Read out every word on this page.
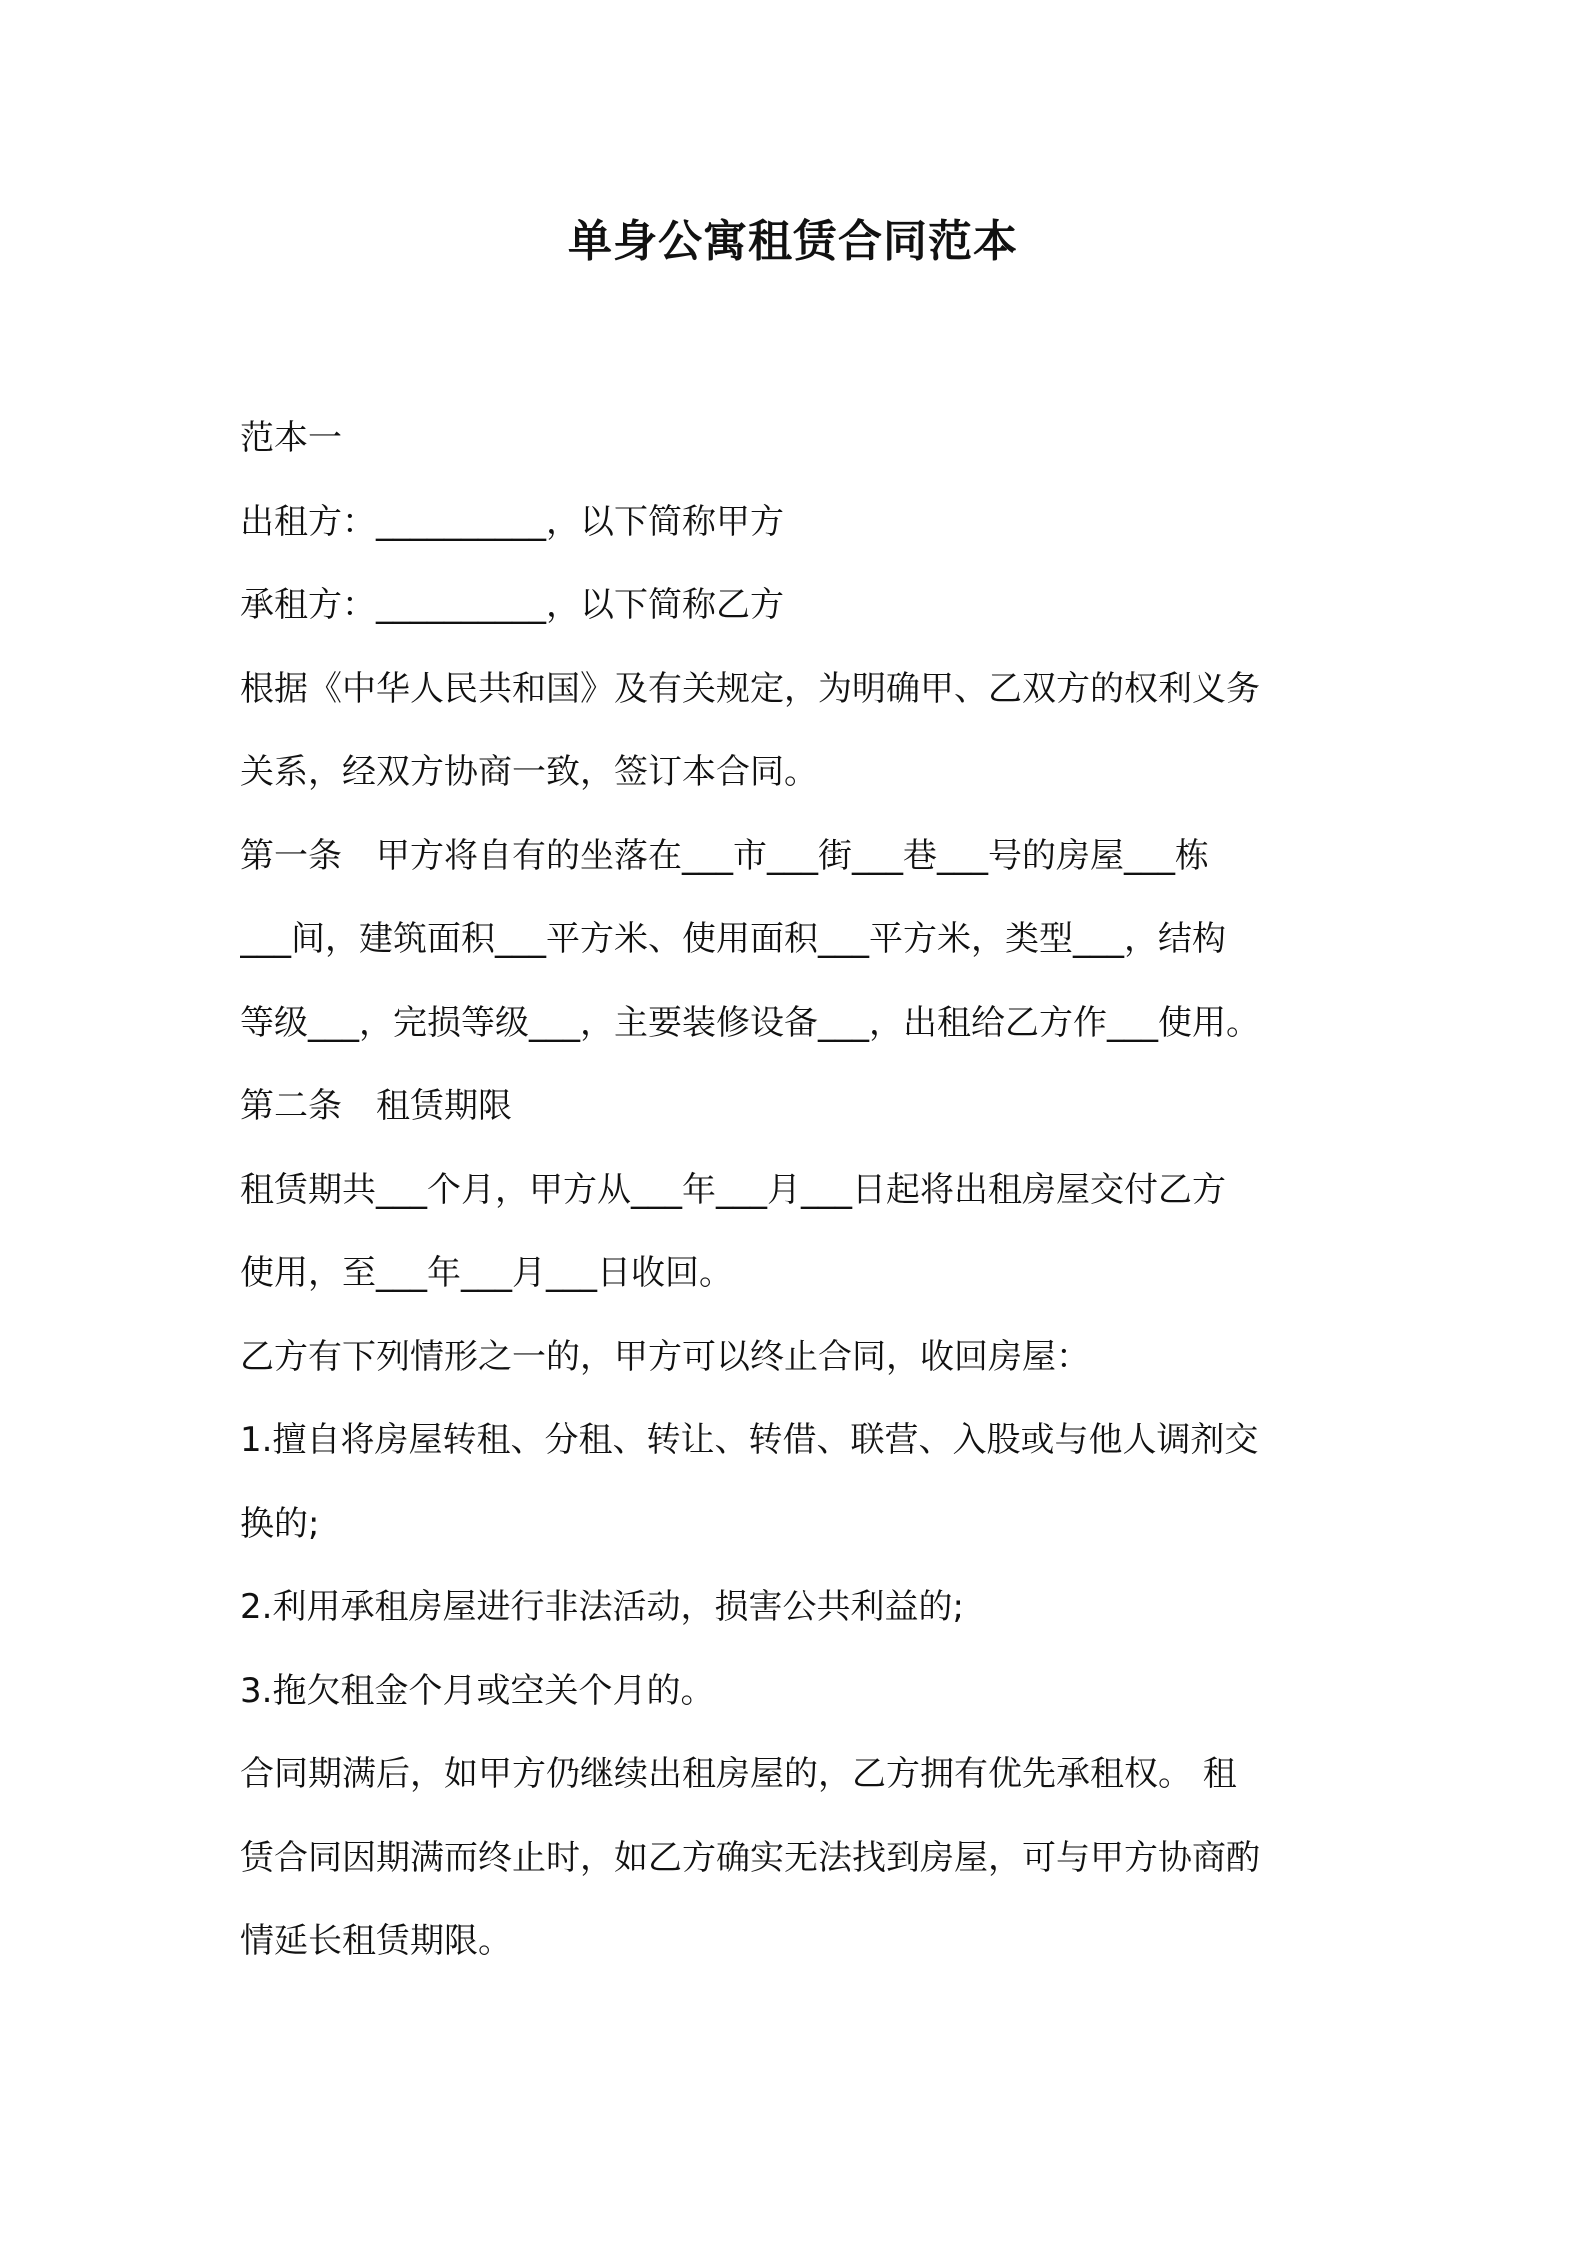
单身公寓租赁合同范本
范本一
出租方：__________，以下简称甲方
承租方：__________，以下简称乙方
根据《中华人民共和国》及有关规定，为明确甲、乙双方的权利义务
关系，经双方协商一致，签订本合同。
第一条　甲方将自有的坐落在___市___街___巷___号的房屋___栋
___间，建筑面积___平方米、使用面积___平方米，类型___，结构
等级___，完损等级___，主要装修设备___，出租给乙方作___使用。
第二条　租赁期限
租赁期共___个月，甲方从___年___月___日起将出租房屋交付乙方
使用，至___年___月___日收回。
乙方有下列情形之一的，甲方可以终止合同，收回房屋：
1.擅自将房屋转租、分租、转让、转借、联营、入股或与他人调剂交
换的;
2.利用承租房屋进行非法活动，损害公共利益的;
3.拖欠租金个月或空关个月的。
合同期满后，如甲方仍继续出租房屋的，乙方拥有优先承租权。 租
赁合同因期满而终止时，如乙方确实无法找到房屋，可与甲方协商酌
情延长租赁期限。
